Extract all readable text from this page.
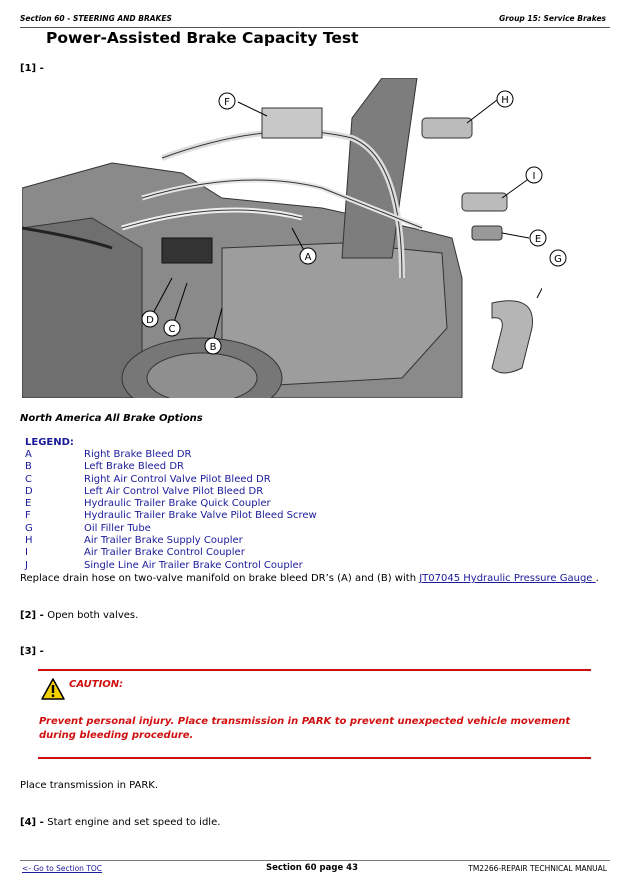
Section 60 - STEERING AND BRAKES	Group 15: Service Brakes
Power-Assisted Brake Capacity Test
[1] -
A
B
C
D
E
F
G
H
I
North America All Brake Options
LEGEND:
A	Right Brake Bleed DR
B	Left Brake Bleed DR
C	Right Air Control Valve Pilot Bleed DR
D	Left Air Control Valve Pilot Bleed DR
E	Hydraulic Trailer Brake Quick Coupler
F	Hydraulic Trailer Brake Valve Pilot Bleed Screw
G	Oil Filler Tube
H	Air Trailer Brake Supply Coupler
I	Air Trailer Brake Control Coupler
J	Single Line Air Trailer Brake Control Coupler
Replace drain hose on two-valve manifold on brake bleed DR’s (A) and (B) with JT07045 Hydraulic Pressure Gauge .
[2] - Open both valves.
[3] -
CAUTION:
Prevent personal injury. Place transmission in PARK to prevent unexpected vehicle movement during bleeding procedure.
Place transmission in PARK.
[4] - Start engine and set speed to idle.
<- Go to Section TOC	Section 60 page 43	TM2266-REPAIR TECHNICAL MANUAL
